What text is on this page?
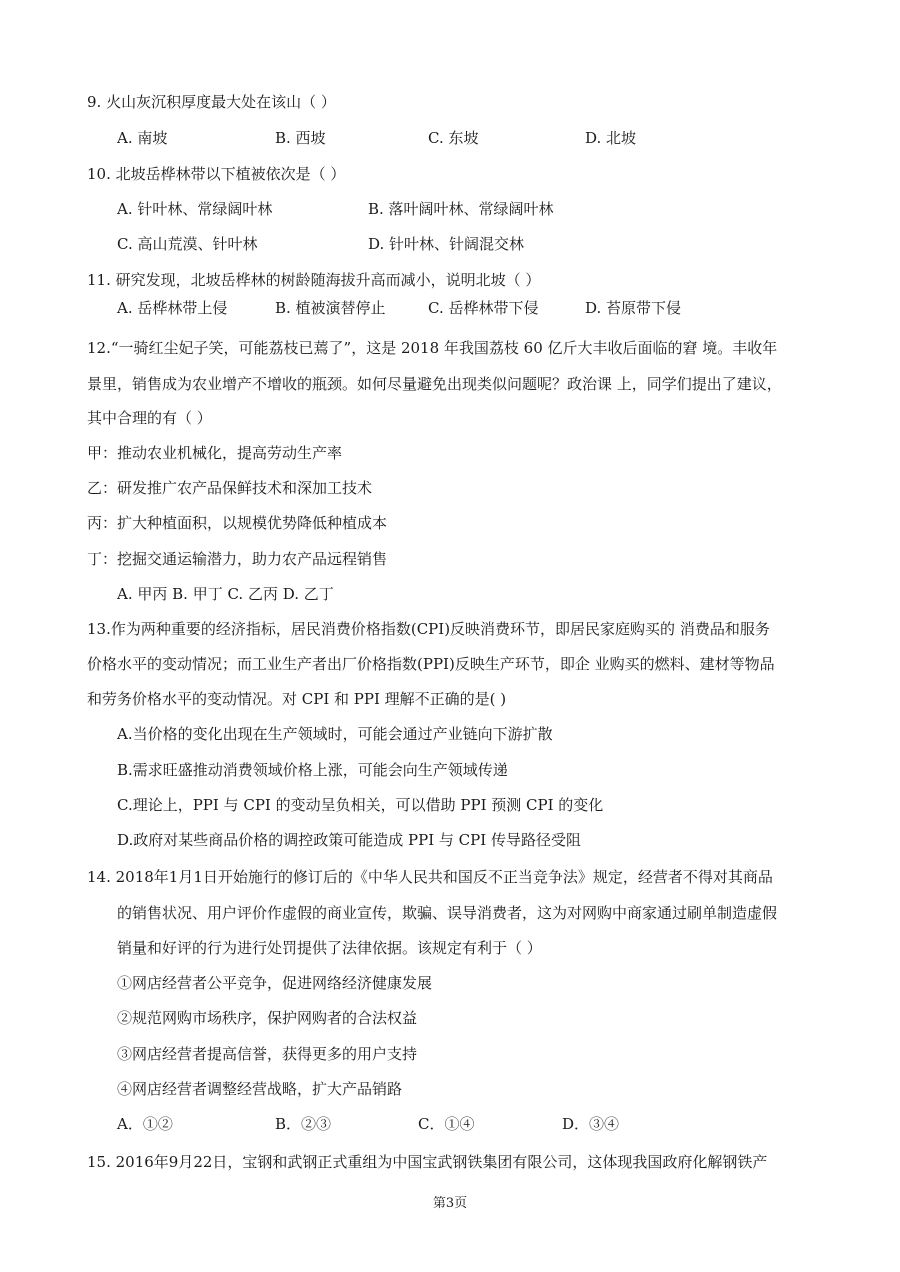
9. 火山灰沉积厚度最大处在该山（ ）
A. 南坡	B. 西坡	C. 东坡	D. 北坡
10. 北坡岳桦林带以下植被依次是（ ）
A. 针叶林、常绿阔叶林	B. 落叶阔叶林、常绿阔叶林
C. 高山荒漠、针叶林	D. 针叶林、针阔混交林
11. 研究发现，北坡岳桦林的树龄随海拔升高而减小，说明北坡（ ）
A. 岳桦林带上侵	B. 植被演替停止	C. 岳桦林带下侵	D. 苔原带下侵
12.“一骑红尘妃子笑，可能荔枝已蔫了”，这是 2018 年我国荔枝 60 亿斤大丰收后面临的窘 境。丰收年
景里，销售成为农业增产不增收的瓶颈。如何尽量避免出现类似问题呢？政治课 上，同学们提出了建议，
其中合理的有（ ）
甲：推动农业机械化，提高劳动生产率
乙：研发推广农产品保鲜技术和深加工技术
丙：扩大种植面积，以规模优势降低种植成本
丁：挖掘交通运输潜力，助力农产品远程销售
A. 甲丙 B. 甲丁 C. 乙丙 D. 乙丁
13.作为两种重要的经济指标，居民消费价格指数(CPI)反映消费环节，即居民家庭购买的 消费品和服务
价格水平的变动情况；而工业生产者出厂价格指数(PPI)反映生产环节，即企 业购买的燃料、建材等物品
和劳务价格水平的变动情况。对 CPI 和 PPI 理解不正确的是( )
A.当价格的变化出现在生产领域时，可能会通过产业链向下游扩散
B.需求旺盛推动消费领域价格上涨，可能会向生产领域传递
C.理论上，PPI 与 CPI 的变动呈负相关，可以借助 PPI 预测 CPI 的变化
D.政府对某些商品价格的调控政策可能造成 PPI 与 CPI 传导路径受阻
14. 2018年1月1日开始施行的修订后的《中华人民共和国反不正当竞争法》规定，经营者不得对其商品
的销售状况、用户评价作虚假的商业宣传，欺骗、误导消费者，这为对网购中商家通过刷单制造虚假
销量和好评的行为进行处罚提供了法律依据。该规定有利于（ ）
①网店经营者公平竞争，促进网络经济健康发展
②规范网购市场秩序，保护网购者的合法权益
③网店经营者提高信誉，获得更多的用户支持
④网店经营者调整经营战略，扩大产品销路
A．①②	B．②③	C．①④	D．③④
15. 2016年9月22日，宝钢和武钢正式重组为中国宝武钢铁集团有限公司，这体现我国政府化解钢铁产
第3页
